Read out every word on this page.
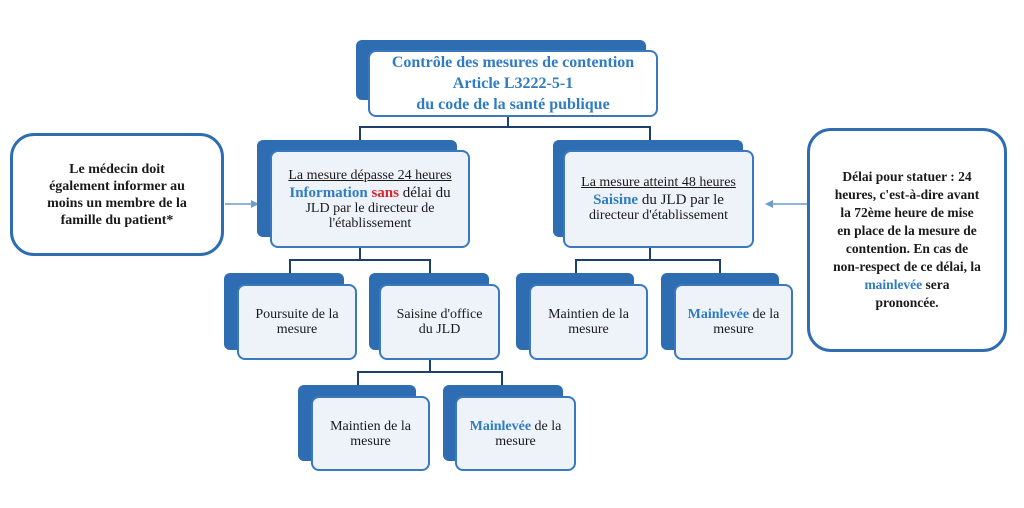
Contrôle des mesures de contention
Article L3222-5-1
du code de la santé publique
La mesure dépasse 24 heures
Information sans délai du
JLD par le directeur de
l'établissement
La mesure atteint 48 heures
Saisine du JLD par le
directeur d'établissement
Poursuite de la mesure
Saisine d'office du JLD
Maintien de la mesure
Mainlevée de la mesure
Maintien de la mesure
Mainlevée de la mesure
Le médecin doit également informer au moins un membre de la famille du patient*
Délai pour statuer : 24 heures, c'est-à-dire avant la 72ème heure de mise en place de la mesure de contention. En cas de non-respect de ce délai, la mainlevée sera prononcée.
